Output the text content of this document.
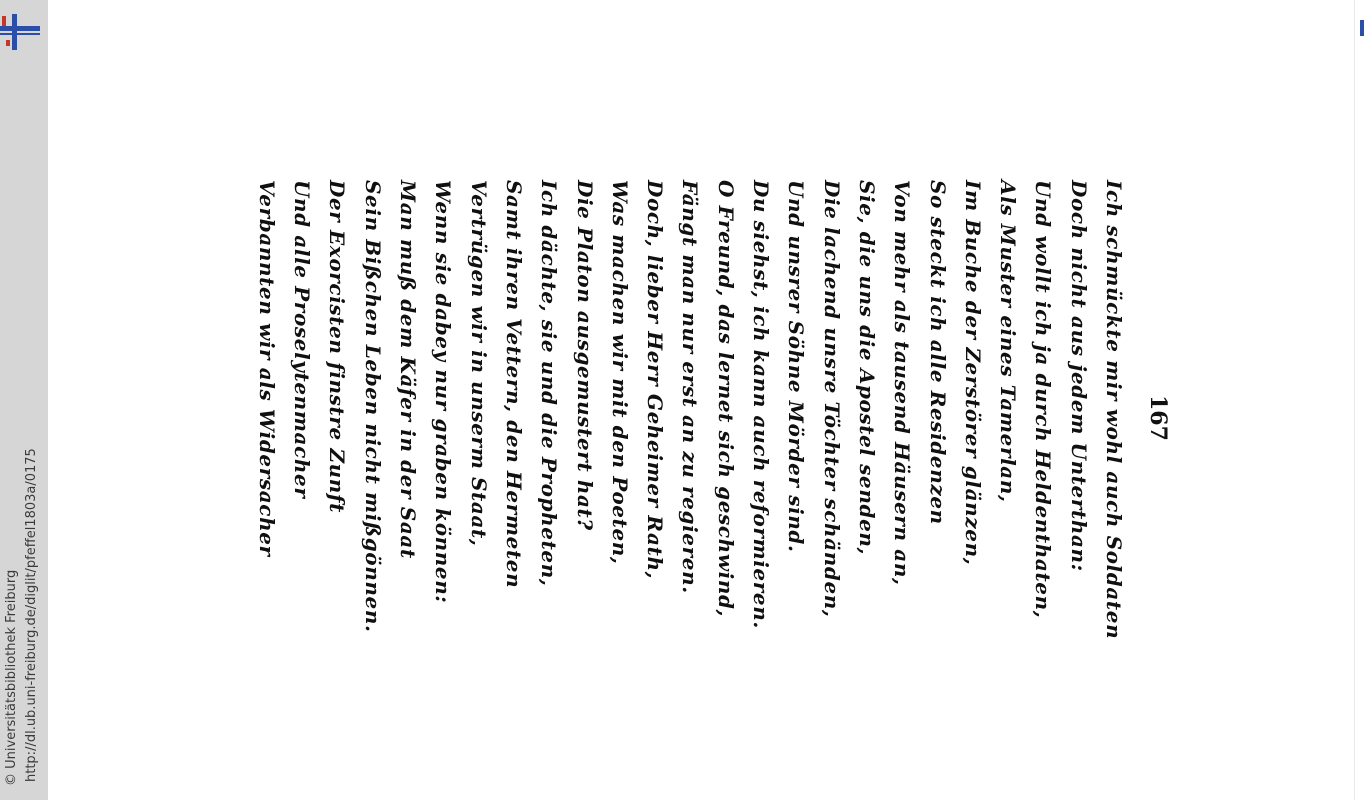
http://dl.ub.uni-freiburg.de/diglit/pfeffel1803a/0175
© Universitätsbibliothek Freiburg
167
Ich schmückte mir wohl auch Soldaten
Doch nicht aus jedem Unterthan:
Und wollt ich ja durch Heldenthaten,
Als Muster eines Tamerlan,
Im Buche der Zerstörer glänzen,
So steckt ich alle Residenzen
Von mehr als tausend Häusern an,
Sie, die uns die Apostel senden,
Die lachend unsre Töchter schänden,
Und unsrer Söhne Mörder sind.
Du siehst, ich kann auch reformieren.
O Freund, das lernet sich geschwind,
Fängt man nur erst an zu regieren.
Doch, lieber Herr Geheimer Rath,
Was machen wir mit den Poeten,
Die Platon ausgemustert hat?
Ich dächte, sie und die Propheten,
Samt ihren Vettern, den Hermeten
Vertrügen wir in unserm Staat,
Wenn sie dabey nur graben können:
Man muß dem Käfer in der Saat
Sein Bißchen Leben nicht mißgönnen.
Der Exorcisten finstre Zunft
Und alle Proselytenmacher
Verbannten wir als Widersacher
